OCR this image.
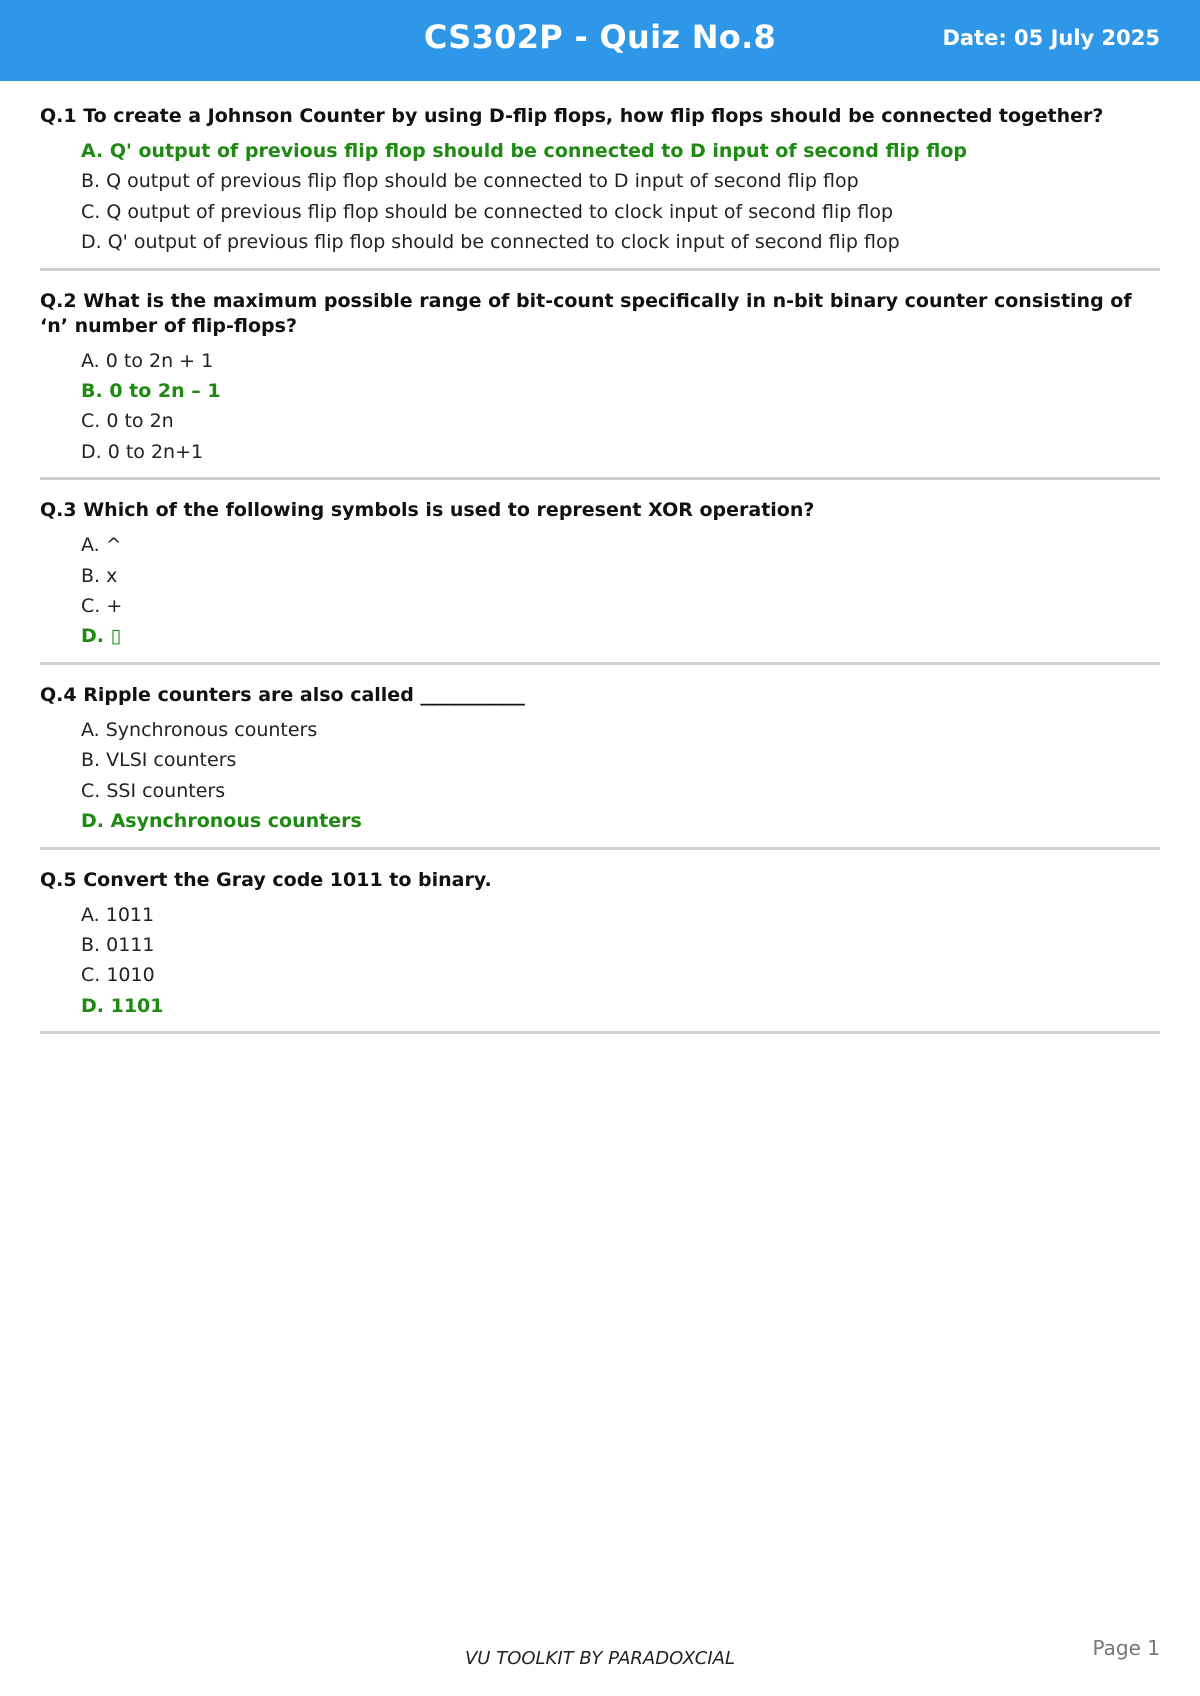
CS302P - Quiz No.8	Date: 05 July 2025

Q.1 To create a Johnson Counter by using D-flip flops, how flip flops should be connected together?

A. Q' output of previous flip flop should be connected to D input of second flip flop
B. Q output of previous flip flop should be connected to D input of second flip flop
C. Q output of previous flip flop should be connected to clock input of second flip flop
D. Q' output of previous flip flop should be connected to clock input of second flip flop

Q.2 What is the maximum possible range of bit-count specifically in n-bit binary counter consisting of ‘n’ number of flip-flops?

A. 0 to 2n + 1
B. 0 to 2n – 1
C. 0 to 2n
D. 0 to 2n+1

Q.3 Which of the following symbols is used to represent XOR operation?

A. ^
B. x
C. +
D. ▯

Q.4 Ripple counters are also called ___________

A. Synchronous counters
B. VLSI counters
C. SSI counters
D. Asynchronous counters

Q.5 Convert the Gray code 1011 to binary.

A. 1011
B. 0111
C. 1010
D. 1101
VU TOOLKIT BY PARADOXCIAL	Page 1
